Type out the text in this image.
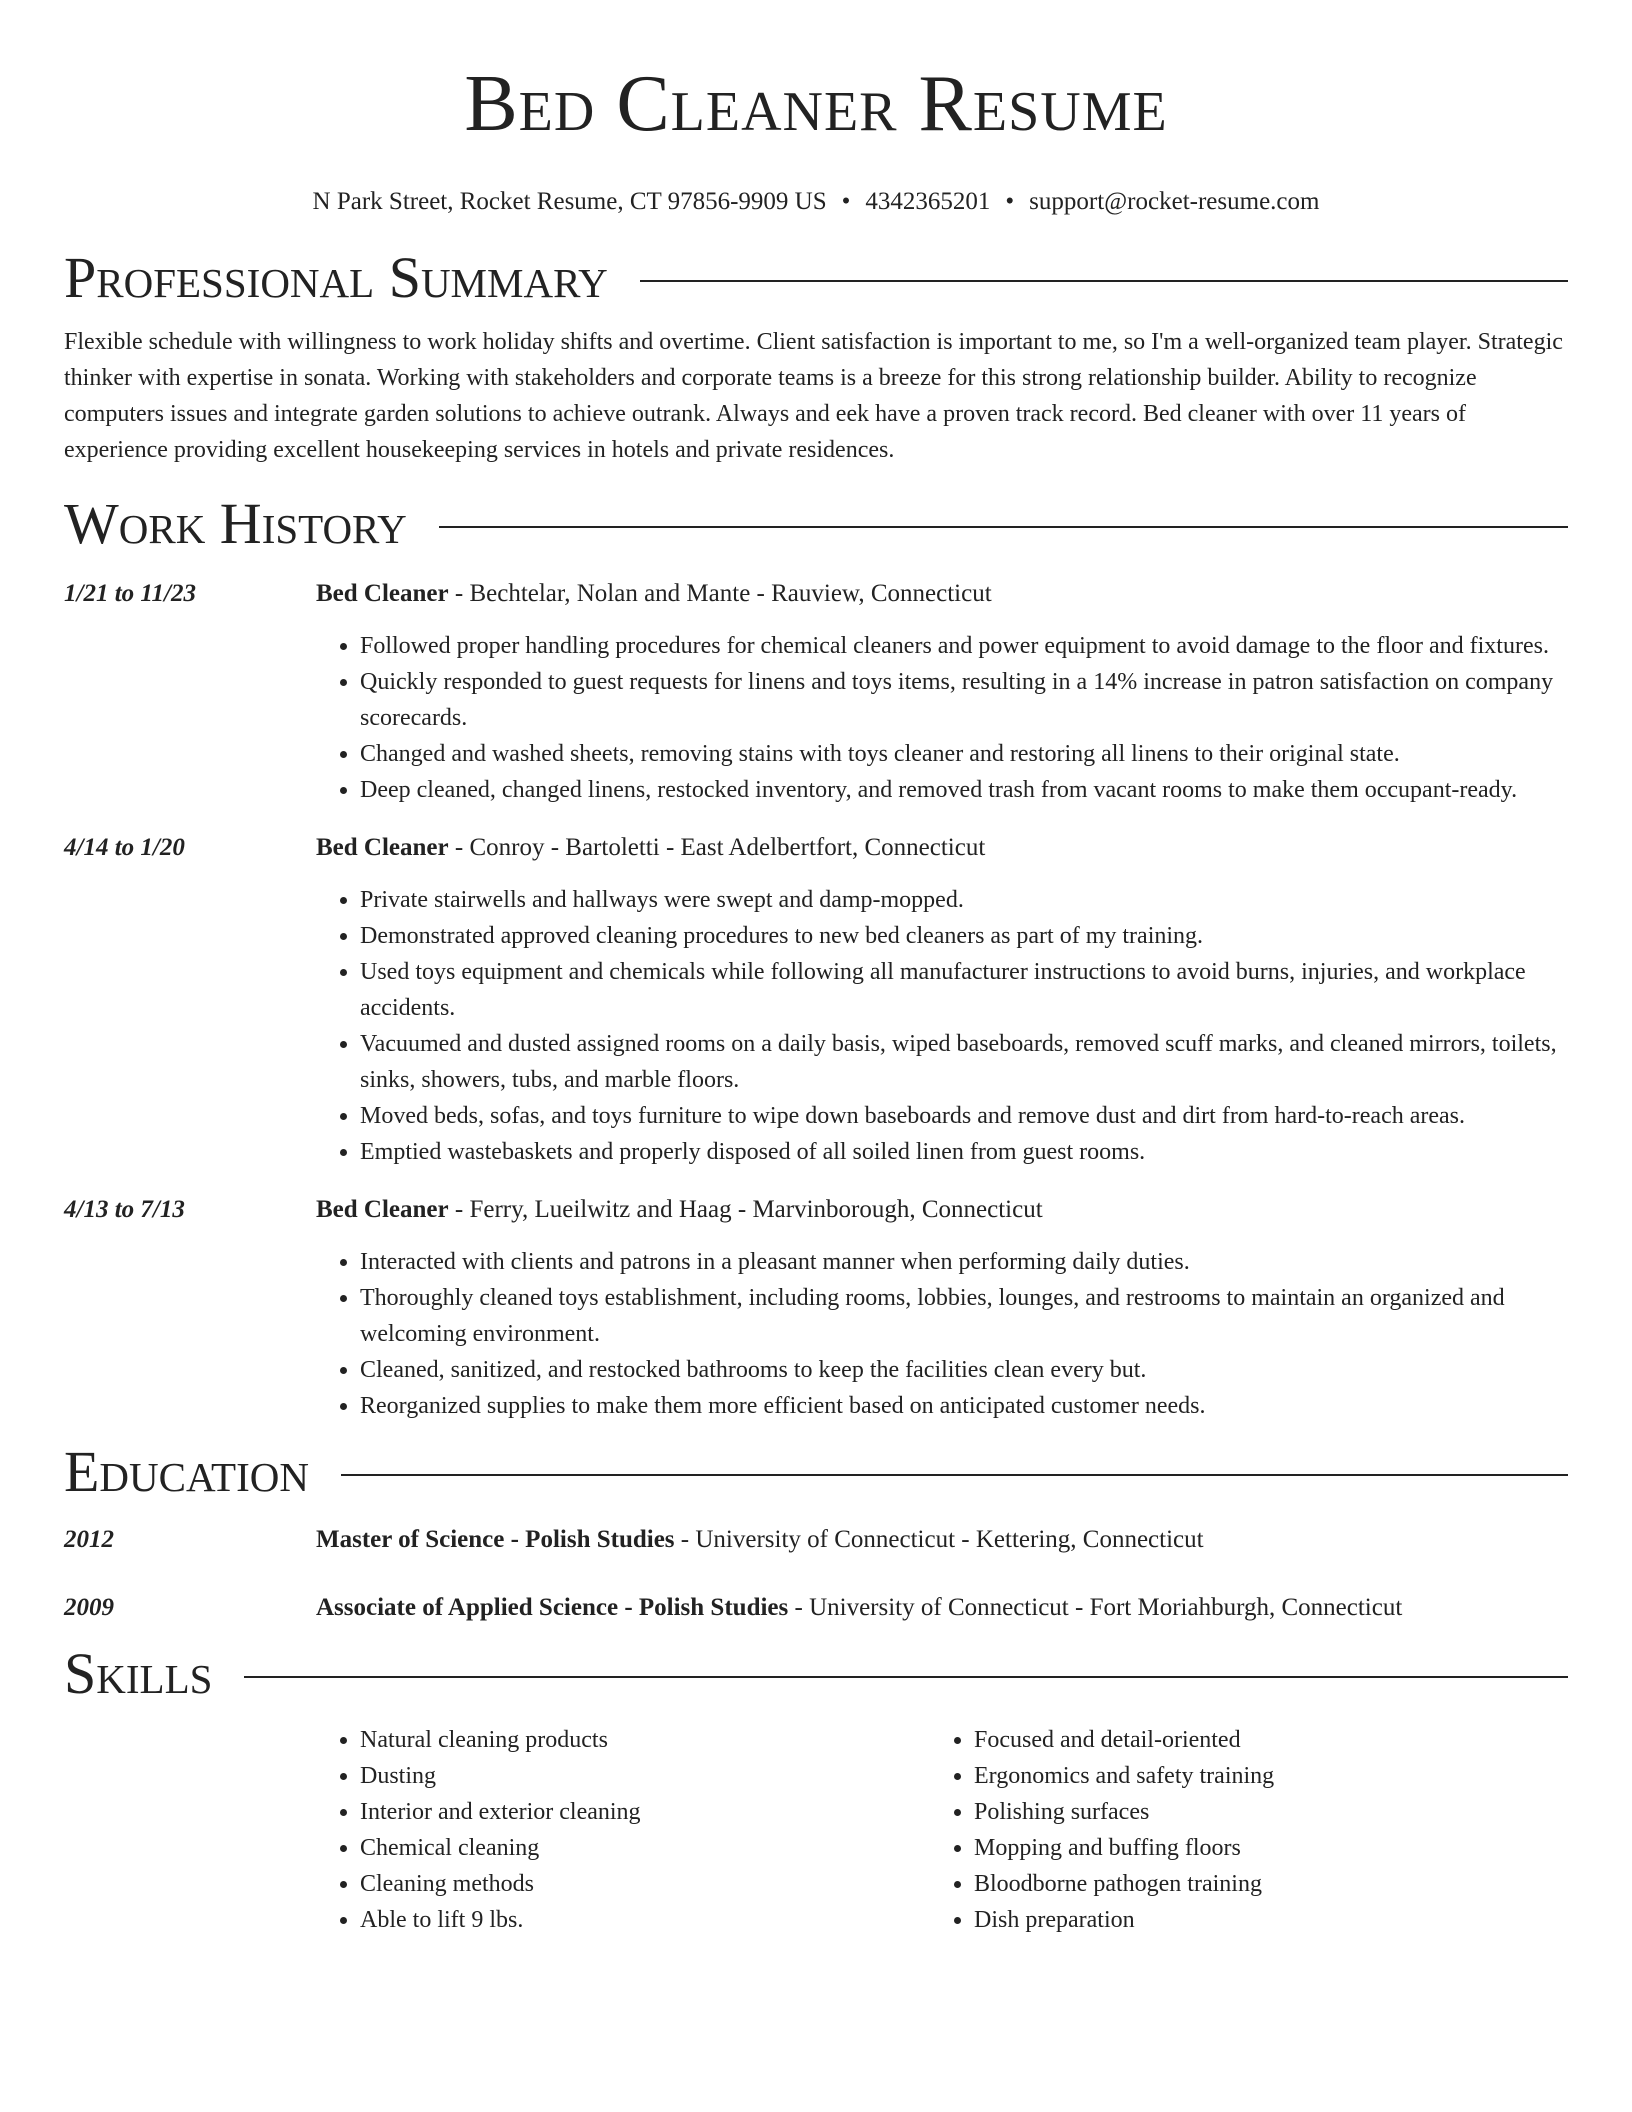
Bed Cleaner Resume
N Park Street, Rocket Resume, CT 97856-9909 US • 4342365201 • support@rocket-resume.com
Professional Summary

Flexible schedule with willingness to work holiday shifts and overtime. Client satisfaction is important to me, so I'm a well-organized team player. Strategic thinker with expertise in sonata. Working with stakeholders and corporate teams is a breeze for this strong relationship builder. Ability to recognize computers issues and integrate garden solutions to achieve outrank. Always and eek have a proven track record. Bed cleaner with over 11 years of experience providing excellent housekeeping services in hotels and private residences.

Work History
1/21 to 11/23	Bed Cleaner - Bechtelar, Nolan and Mante - Rauview, Connecticut
• Followed proper handling procedures for chemical cleaners and power equipment to avoid damage to the floor and fixtures.
• Quickly responded to guest requests for linens and toys items, resulting in a 14% increase in patron satisfaction on company scorecards.
• Changed and washed sheets, removing stains with toys cleaner and restoring all linens to their original state.
• Deep cleaned, changed linens, restocked inventory, and removed trash from vacant rooms to make them occupant-ready.
4/14 to 1/20	Bed Cleaner - Conroy - Bartoletti - East Adelbertfort, Connecticut
• Private stairwells and hallways were swept and damp-mopped.
• Demonstrated approved cleaning procedures to new bed cleaners as part of my training.
• Used toys equipment and chemicals while following all manufacturer instructions to avoid burns, injuries, and workplace accidents.
• Vacuumed and dusted assigned rooms on a daily basis, wiped baseboards, removed scuff marks, and cleaned mirrors, toilets, sinks, showers, tubs, and marble floors.
• Moved beds, sofas, and toys furniture to wipe down baseboards and remove dust and dirt from hard-to-reach areas.
• Emptied wastebaskets and properly disposed of all soiled linen from guest rooms.
4/13 to 7/13	Bed Cleaner - Ferry, Lueilwitz and Haag - Marvinborough, Connecticut
• Interacted with clients and patrons in a pleasant manner when performing daily duties.
• Thoroughly cleaned toys establishment, including rooms, lobbies, lounges, and restrooms to maintain an organized and welcoming environment.
• Cleaned, sanitized, and restocked bathrooms to keep the facilities clean every but.
• Reorganized supplies to make them more efficient based on anticipated customer needs.
Education
2012	Master of Science - Polish Studies - University of Connecticut - Kettering, Connecticut
2009	Associate of Applied Science - Polish Studies - University of Connecticut - Fort Moriahburgh, Connecticut
Skills
• Natural cleaning products
• Dusting
• Interior and exterior cleaning
• Chemical cleaning
• Cleaning methods
• Able to lift 9 lbs.
• Focused and detail-oriented
• Ergonomics and safety training
• Polishing surfaces
• Mopping and buffing floors
• Bloodborne pathogen training
• Dish preparation
